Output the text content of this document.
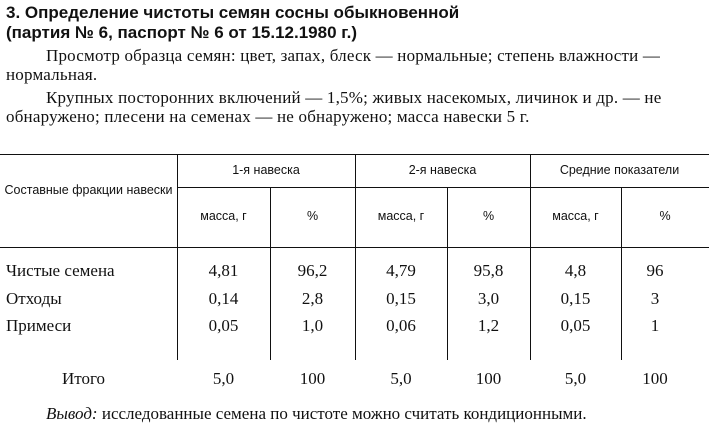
3. Определение чистоты семян сосны обыкновенной
(партия № 6, паспорт № 6 от 15.12.1980 г.)

Просмотр образца семян: цвет, запах, блеск — нормальные; степень влажности — нормальная.

Крупных посторонних включений — 1,5%; живых насекомых, личинок и др. — не обнаружено; плесени на семенах — не обнаружено; масса навески 5 г.

Составные фракции навески
1-я навеска	2-я навеска	Средние показатели
масса, г	%	масса, г	%	масса, г	%
Чистые семена	4,81	96,2	4,79	95,8	4,8	96
Отходы	0,14	2,8	0,15	3,0	0,15	3
Примеси	0,05	1,0	0,06	1,2	0,05	1
Итого	5,0	100	5,0	100	5,0	100

Вывод: исследованные семена по чистоте можно считать кондиционными.
